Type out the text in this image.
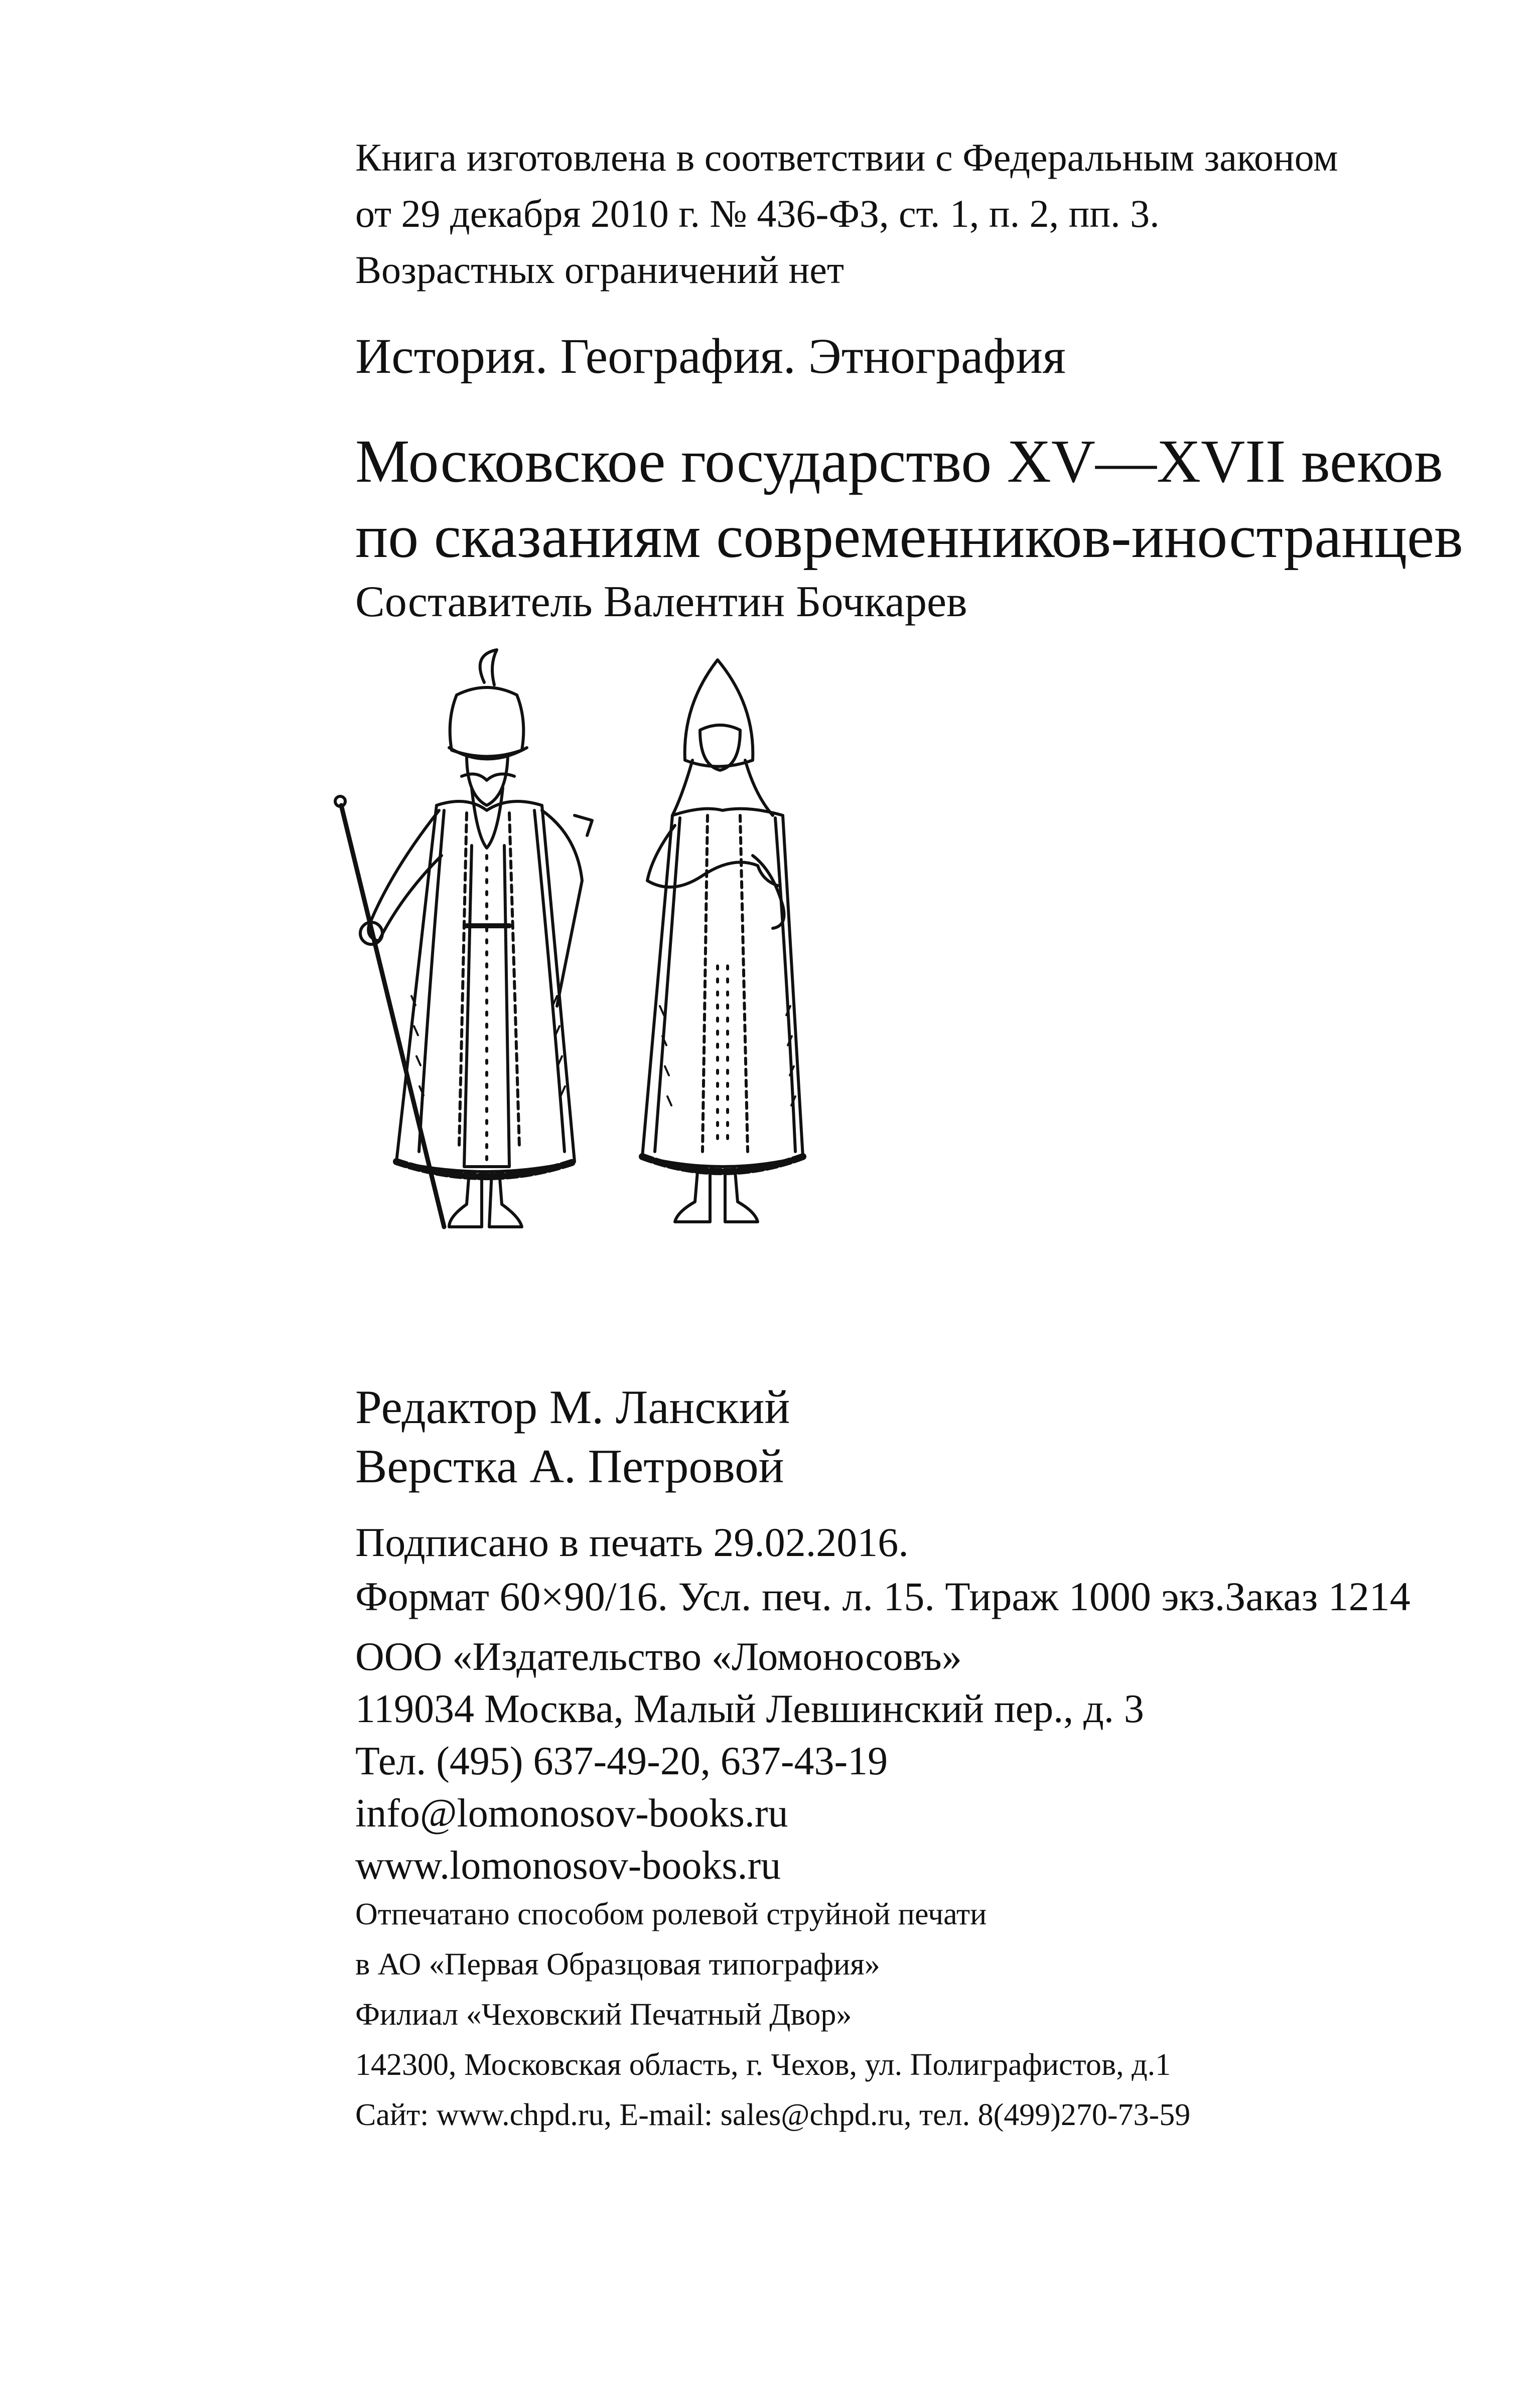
Книга изготовлена в соответствии с Федеральным законом
от 29 декабря 2010 г. № 436-ФЗ, ст. 1, п. 2, пп. 3.
Возрастных ограничений нет
История. География. Этнография
Московское государство XV—XVII веков
по сказаниям современников-иностранцев
Составитель Валентин Бочкарев
Редактор М. Ланский
Верстка А. Петровой
Подписано в печать 29.02.2016.
Формат 60×90/16. Усл. печ. л. 15. Тираж 1000 экз.Заказ 1214
ООО «Издательство «Ломоносовъ»
119034 Москва, Малый Левшинский пер., д. 3
Тел. (495) 637-49-20, 637-43-19
info@lomonosov-books.ru
www.lomonosov-books.ru
Отпечатано способом ролевой струйной печати
в АО «Первая Образцовая типография»
Филиал «Чеховский Печатный Двор»
142300, Московская область, г. Чехов, ул. Полиграфистов, д.1
Сайт: www.chpd.ru, E-mail: sales@chpd.ru, тел. 8(499)270-73-59
